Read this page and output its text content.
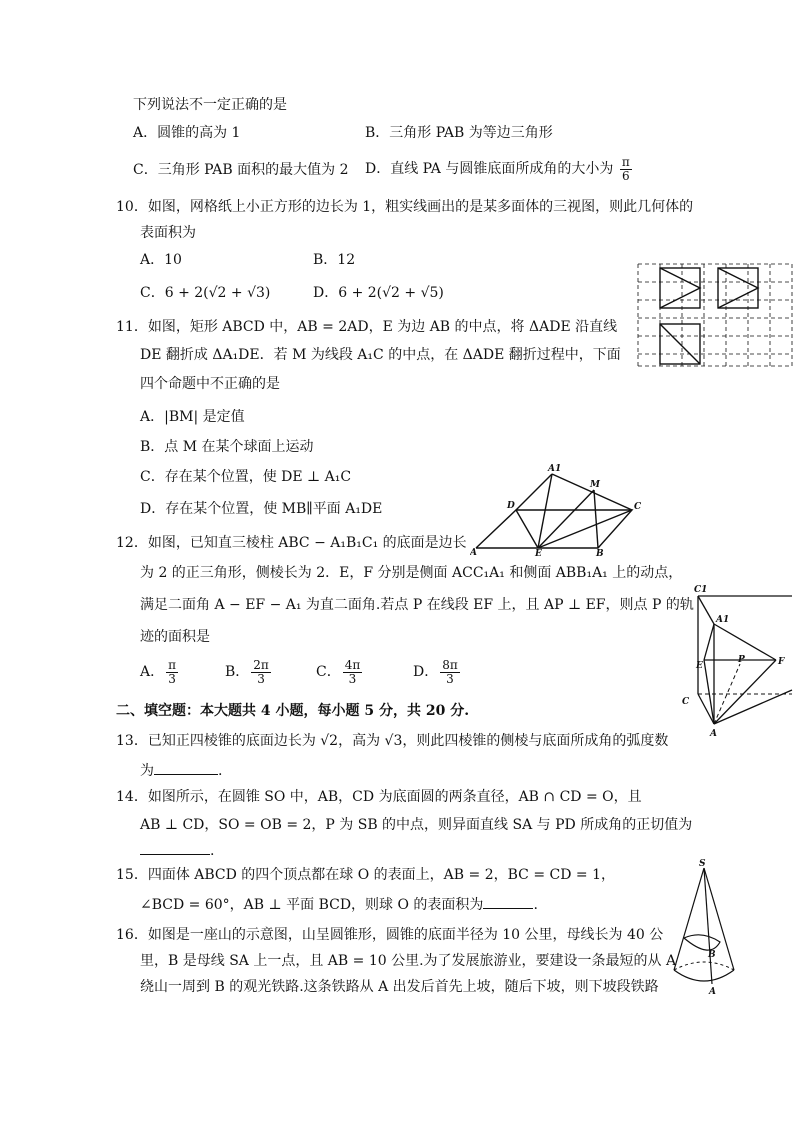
下列说法不一定正确的是
A．圆锥的高为 1	B．三角形 PAB 为等边三角形
C．三角形 PAB 面积的最大值为 2 D．直线 PA 与圆锥底面所成角的大小为 $\frac{\pi}{6}$
10．如图，网格纸上小正方形的边长为 1，粗实线画出的是某多面体的三视图，则此几何体的
表面积为
A．10	B．12
C．6 + 2(√2 + √3)	D．6 + 2(√2 + √5)
11．如图，矩形 ABCD 中，AB = 2AD，E 为边 AB 的中点，将 ΔADE 沿直线
DE 翻折成 ΔA₁DE．若 M 为线段 A₁C 的中点，在 ΔADE 翻折过程中，下面
四个命题中不正确的是
A．|BM| 是定值
B．点 M 在某个球面上运动
C．存在某个位置，使 DE ⊥ A₁C
D．存在某个位置，使 MB∥平面 A₁DE
A1
M
D	C
A	E	B
12．如图，已知直三棱柱 ABC − A₁B₁C₁ 的底面是边长
为 2 的正三角形，侧棱长为 2．E，F 分别是侧面 ACC₁A₁ 和侧面 ABB₁A₁ 上的动点，
满足二面角 A − EF − A₁ 为直二面角.若点 P 在线段 EF 上，且 AP ⊥ EF，则点 P 的轨
迹的面积是
A． $\frac{\pi}{3}$	B． $\frac{2\pi}{3}$	C． $\frac{4\pi}{3}$	D． $\frac{8\pi}{3}$
C1
A1
E
P	F
C
A
二、填空题：本大题共 4 小题，每小题 5 分，共 20 分.
13．已知正四棱锥的底面边长为 √2，高为 √3，则此四棱锥的侧棱与底面所成角的弧度数
为	.
14．如图所示，在圆锥 SO 中，AB，CD 为底面圆的两条直径，AB ∩ CD = O，且
AB ⊥ CD，SO = OB = 2，P 为 SB 的中点，则异面直线 SA 与 PD 所成角的正切值为
.
15．四面体 ABCD 的四个顶点都在球 O 的表面上，AB = 2，BC = CD = 1，
∠BCD = 60°，AB ⊥ 平面 BCD，则球 O 的表面积为	.
S
B
A
16．如图是一座山的示意图，山呈圆锥形，圆锥的底面半径为 10 公里，母线长为 40 公
里，B 是母线 SA 上一点，且 AB = 10 公里.为了发展旅游业，要建设一条最短的从 A
绕山一周到 B 的观光铁路.这条铁路从 A 出发后首先上坡，随后下坡，则下坡段铁路
